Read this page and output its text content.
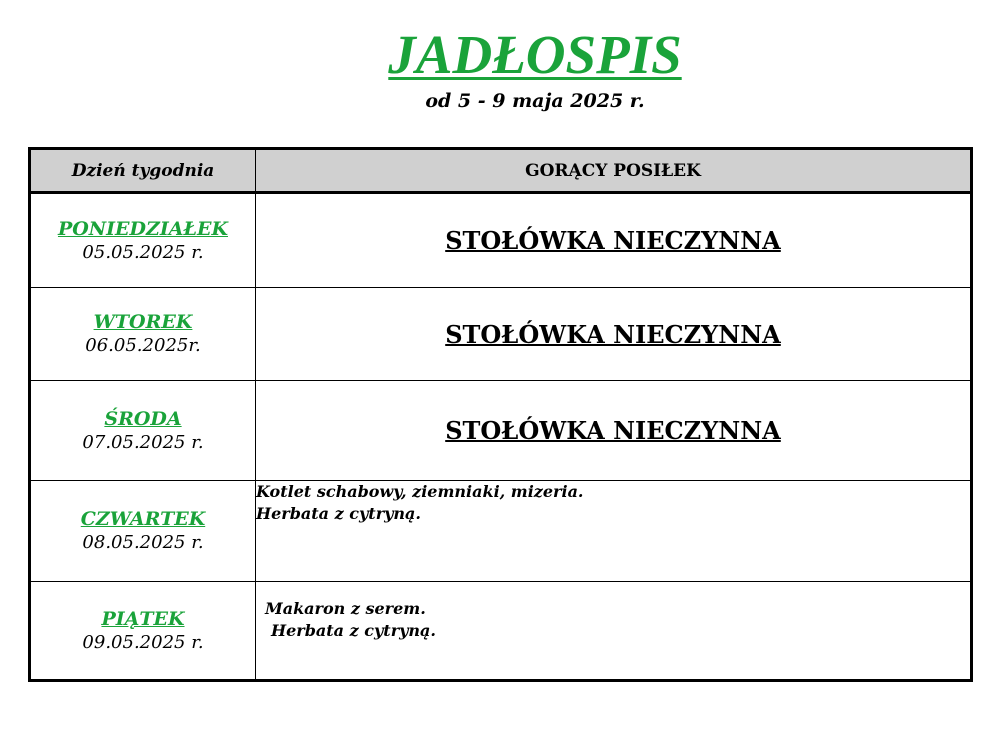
JADŁOSPIS
od 5 - 9 maja 2025 r.
Dzień tygodnia	GORĄCY POSIŁEK

PONIEDZIAŁEK
05.05.2025 r.	STOŁÓWKA NIECZYNNA

WTOREK
06.05.2025r.	STOŁÓWKA NIECZYNNA

ŚRODA
07.05.2025 r.	STOŁÓWKA NIECZYNNA

CZWARTEK
08.05.2025 r.	Kotlet schabowy, ziemniaki, mizeria.
Herbata z cytryną.

PIĄTEK
09.05.2025 r.	Makaron z serem.
Herbata z cytryną.
